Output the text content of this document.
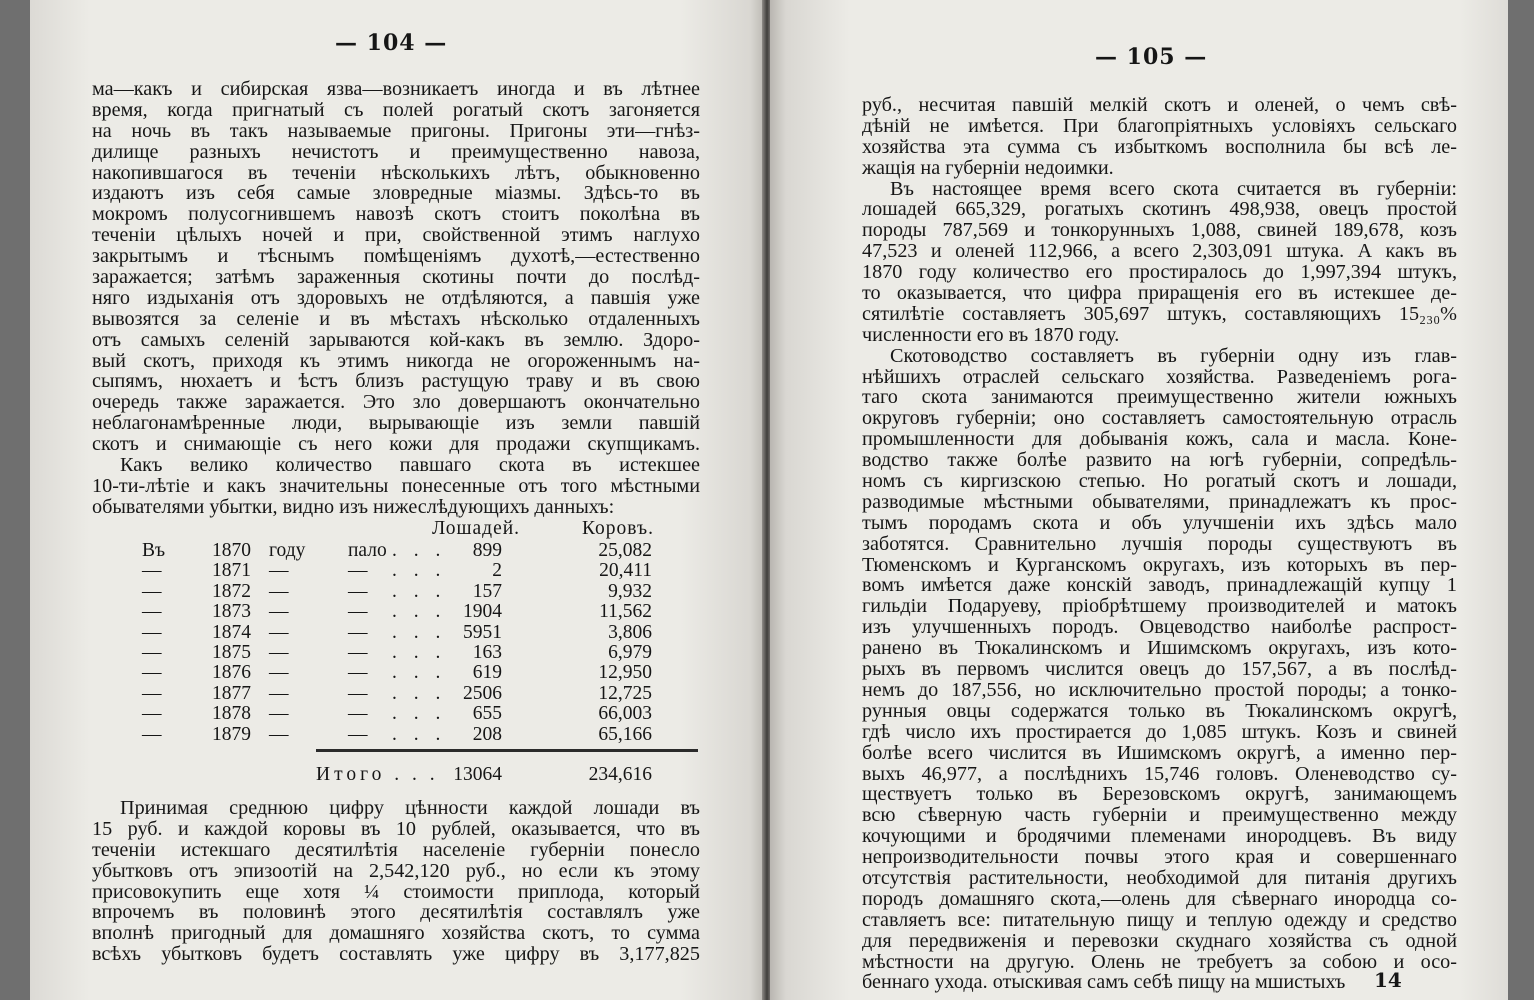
— 104 —
ма—какъ и сибирская язва—возникаетъ иногда и въ лѣтнее
время, когда пригнатый съ полей рогатый скотъ загоняется
на ночь въ такъ называемые пригоны. Пригоны эти—гнѣз-
дилище разныхъ нечистотъ и преимущественно навоза,
накопившагося въ теченіи нѣсколькихъ лѣтъ, обыкновенно
издаютъ изъ себя самые зловредные міазмы. Здѣсь-то въ
мокромъ полусогнившемъ навозѣ скотъ стоитъ поколѣна въ
теченіи цѣлыхъ ночей и при, свойственной этимъ наглухо
закрытымъ и тѣснымъ помѣщеніямъ духотѣ,—естественно
заражается; затѣмъ зараженныя скотины почти до послѣд-
няго издыханія отъ здоровыхъ не отдѣляются, а павшія уже
вывозятся за селеніе и въ мѣстахъ нѣсколько отдаленныхъ
отъ самыхъ селеній зарываются кой-какъ въ землю. Здоро-
вый скотъ, приходя къ этимъ никогда не огороженнымъ на-
сыпямъ, нюхаетъ и ѣстъ близъ растущую траву и въ свою
очередь также заражается. Это зло довершаютъ окончательно
неблагонамѣренные люди, вырывающіе изъ земли павшій
скотъ и снимающіе съ него кожи для продажи скупщикамъ.
Какъ велико количество павшаго скота въ истекшее
10-ти-лѣтіе и какъ значительны понесенные отъ того мѣстными
обывателями убытки, видно изъ нижеслѣдующихъ данныхъ:
Лошадей.	Коровъ.
Въ	1870 году пало . . .	899	25,082
—	1871 —	— . . .	2	20,411
—	1872 —	— . . .	157	9,932
—	1873 —	— . . . 1904	11,562
—	1874 —	— . . . 5951	3,806
—	1875 —	— . . .	163	6,979
—	1876 —	— . . .	619	12,950
—	1877 —	— . . . 2506	12,725
—	1878 —	— . . .	655	66,003
—	1879 —	— . . .	208	65,166
Итого . . . 13064	234,616
Принимая среднюю цифру цѣнности каждой лошади въ
15 руб. и каждой коровы въ 10 рублей, оказывается, что въ
теченіи истекшаго десятилѣтія населеніе губерніи понесло
убытковъ отъ эпизоотій на 2,542,120 руб., но если къ этому
присовокупить еще хотя ¼ стоимости приплода, который
впрочемъ въ половинѣ этого десятилѣтія составлялъ уже
вполнѣ пригодный для домашняго хозяйства скотъ, то сумма
всѣхъ убытковъ будетъ составлять уже цифру въ 3,177,825
— 105 —
руб., несчитая павшій мелкій скотъ и оленей, о чемъ свѣ-
дѣній не имѣется. При благопріятныхъ условіяхъ сельскаго
хозяйства эта сумма съ избыткомъ восполнила бы всѣ ле-
жащія на губерніи недоимки.
Въ настоящее время всего скота считается въ губерніи:
лошадей 665,329, рогатыхъ скотинъ 498,938, овецъ простой
породы 787,569 и тонкорунныхъ 1,088, свиней 189,678, козъ
47,523 и оленей 112,966, а всего 2,303,091 штука. А какъ въ
1870 году количество его простиралось до 1,997,394 штукъ,
то оказывается, что цифра приращенія его въ истекшее де-
сятилѣтіе составляетъ 305,697 штукъ, составляющихъ 15₂₃₀%
численности его въ 1870 году.
Скотоводство составляетъ въ губерніи одну изъ глав-
нѣйшихъ отраслей сельскаго хозяйства. Разведеніемъ рога-
таго скота занимаются преимущественно жители южныхъ
округовъ губерніи; оно составляетъ самостоятельную отрасль
промышленности для добыванія кожъ, сала и масла. Коне-
водство также болѣе развито на югѣ губерніи, сопредѣль-
номъ съ киргизскою степью. Но рогатый скотъ и лошади,
разводимые мѣстными обывателями, принадлежатъ къ прос-
тымъ породамъ скота и объ улучшеніи ихъ здѣсь мало
заботятся. Сравнительно лучшія породы существуютъ въ
Тюменскомъ и Курганскомъ округахъ, изъ которыхъ въ пер-
вомъ имѣется даже конскій заводъ, принадлежащій купцу 1
гильдіи Подаруеву, пріобрѣтшему производителей и матокъ
изъ улучшенныхъ породъ. Овцеводство наиболѣе распрост-
ранено въ Тюкалинскомъ и Ишимскомъ округахъ, изъ кото-
рыхъ въ первомъ числится овецъ до 157,567, а въ послѣд-
немъ до 187,556, но исключительно простой породы; а тонко-
рунныя овцы содержатся только въ Тюкалинскомъ округѣ,
гдѣ число ихъ простирается до 1,085 штукъ. Козъ и свиней
болѣе всего числится въ Ишимскомъ округѣ, а именно пер-
выхъ 46,977, а послѣднихъ 15,746 головъ. Оленеводство су-
ществуетъ только въ Березовскомъ округѣ, занимающемъ
всю сѣверную часть губерніи и преимущественно между
кочующими и бродячими племенами инородцевъ. Въ виду
непроизводительности почвы этого края и совершеннаго
отсутствія растительности, необходимой для питанія другихъ
породъ домашняго скота,—олень для сѣвернаго инородца со-
ставляетъ все: питательную пищу и теплую одежду и средство
для передвиженія и перевозки скуднаго хозяйства съ одной
мѣстности на другую. Олень не требуетъ за собою и осо-
беннаго ухода. отыскивая самъ себѣ пищу на мшистыхъ	14
